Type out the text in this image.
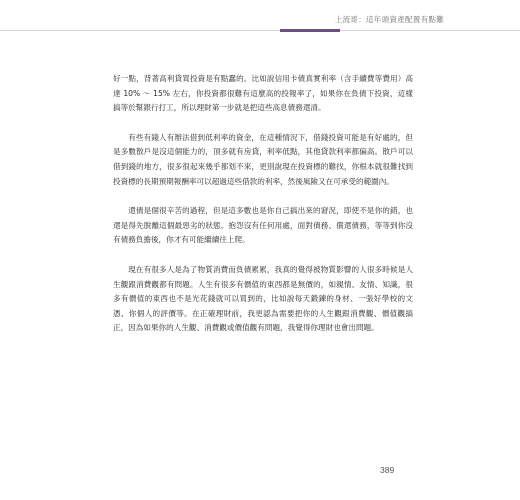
上流哥：這年頭資產配置有點難

好一點，背著高利貸買投資是有點蠢的。比如說信用卡債真實利率（含手續費等費用）高達 10% ～ 15% 左右，你投資都很難有這麼高的投報率了，如果你在負債下投資，這樣搞等於幫銀行打工，所以理財第一步就是把這些高息債務還清。

有些有錢人有辦法借到低利率的資金，在這種情況下，借錢投資可能是有好處的，但是多數散戶是沒這個能力的，頂多就有房貸，利率低點，其他貸款利率都偏高。散戶可以借到錢的地方，很多很起來幾乎都划不來，更別說現在投資標的難找，你根本就很難找到投資標的長期預期報酬率可以超過這些借款的利率，然後風險又在可承受的範圍內。

還債是個很辛苦的過程，但是這多數也是你自己搞出來的窘況，即使不是你的錯，也還是得先脫離這個最惡劣的狀態。抱怨沒有任何用處，面對債務、償還債務，等等到你沒有債務負擔後，你才有可能繼續往上爬。

現在有很多人是為了物質消費而負債累累，我真的覺得被物質影響的人很多時候是人生觀跟消費觀都有問題。人生有很多有價值的東西都是無價的，如親情、友情、知識，很多有價值的東西也不是光花錢就可以買到的，比如說每天鍛鍊的身材、一張好學校的文憑、你個人的評價等。在正確理財前，我更認為需要把你的人生觀跟消費觀、價值觀搞正，因為如果你的人生觀、消費觀或價值觀有問題，我覺得你理財也會出問題。

389
